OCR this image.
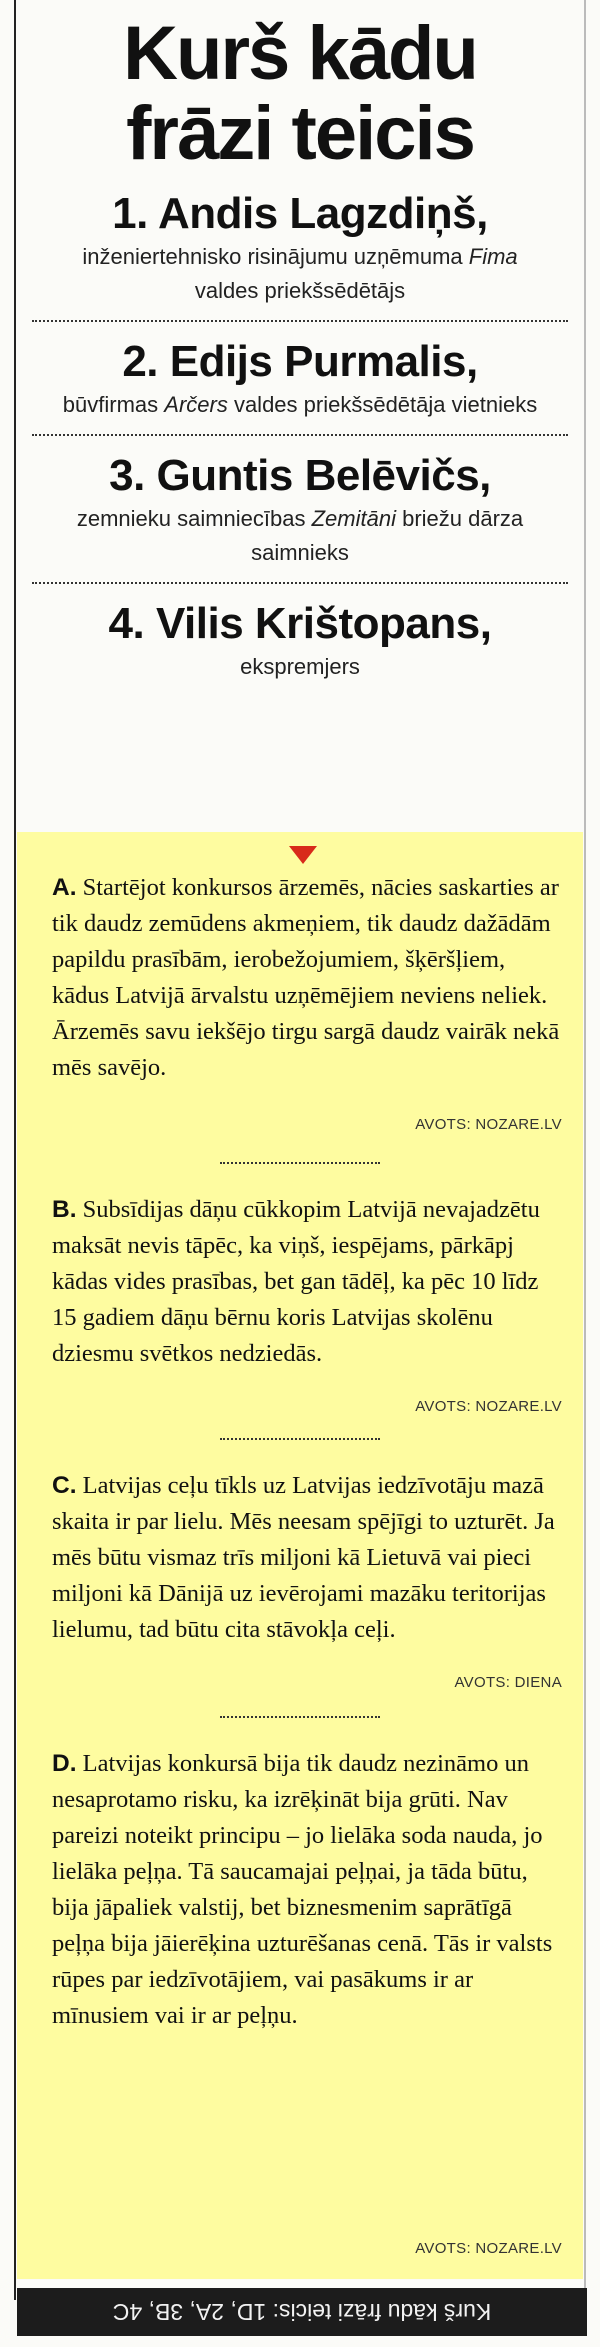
Kurš kādu
frāzi teicis
1. Andis Lagzdiņš,
inženiertehnisko risinājumu uzņēmuma Fima valdes priekšsēdētājs
2. Edijs Purmalis,
būvfirmas Arčers valdes priekšsēdētāja vietnieks
3. Guntis Belēvičs,
zemnieku saimniecības Zemitāni briežu dārza saimnieks
4. Vilis Krištopans,
ekspremjers
A. Startējot konkursos ārzemēs, nācies saskarties ar tik daudz zemūdens akmeņiem, tik daudz dažādām papildu prasībām, ierobežojumiem, šķēršļiem, kādus Latvijā ārvalstu uzņēmējiem neviens neliek. Ārzemēs savu iekšējo tirgu sargā daudz vairāk nekā mēs savējo.
AVOTS: NOZARE.LV
B. Subsīdijas dāņu cūkkopim Latvijā nevajadzētu maksāt nevis tāpēc, ka viņš, iespējams, pārkāpj kādas vides prasības, bet gan tādēļ, ka pēc 10 līdz 15 gadiem dāņu bērnu koris Latvijas skolēnu dziesmu svētkos nedziedās.
AVOTS: NOZARE.LV
C. Latvijas ceļu tīkls uz Latvijas iedzīvotāju mazā skaita ir par lielu. Mēs neesam spējīgi to uzturēt. Ja mēs būtu vismaz trīs miljoni kā Lietuvā vai pieci miljoni kā Dānijā uz ievērojami mazāku teritorijas lielumu, tad būtu cita stāvokļa ceļi.
AVOTS: DIENA
D. Latvijas konkursā bija tik daudz nezināmo un nesaprotamo risku, ka izrēķināt bija grūti. Nav pareizi noteikt principu – jo lielāka soda nauda, jo lielāka peļņa. Tā saucamajai peļņai, ja tāda būtu, bija jāpaliek valstij, bet biznesmenim saprātīgā peļņa bija jāierēķina uzturēšanas cenā. Tās ir valsts rūpes par iedzīvotājiem, vai pasākums ir ar mīnusiem vai ir ar peļņu.
AVOTS: NOZARE.LV
Kurš kādu frāzi teicis: 1D, 2A, 3B, 4C
